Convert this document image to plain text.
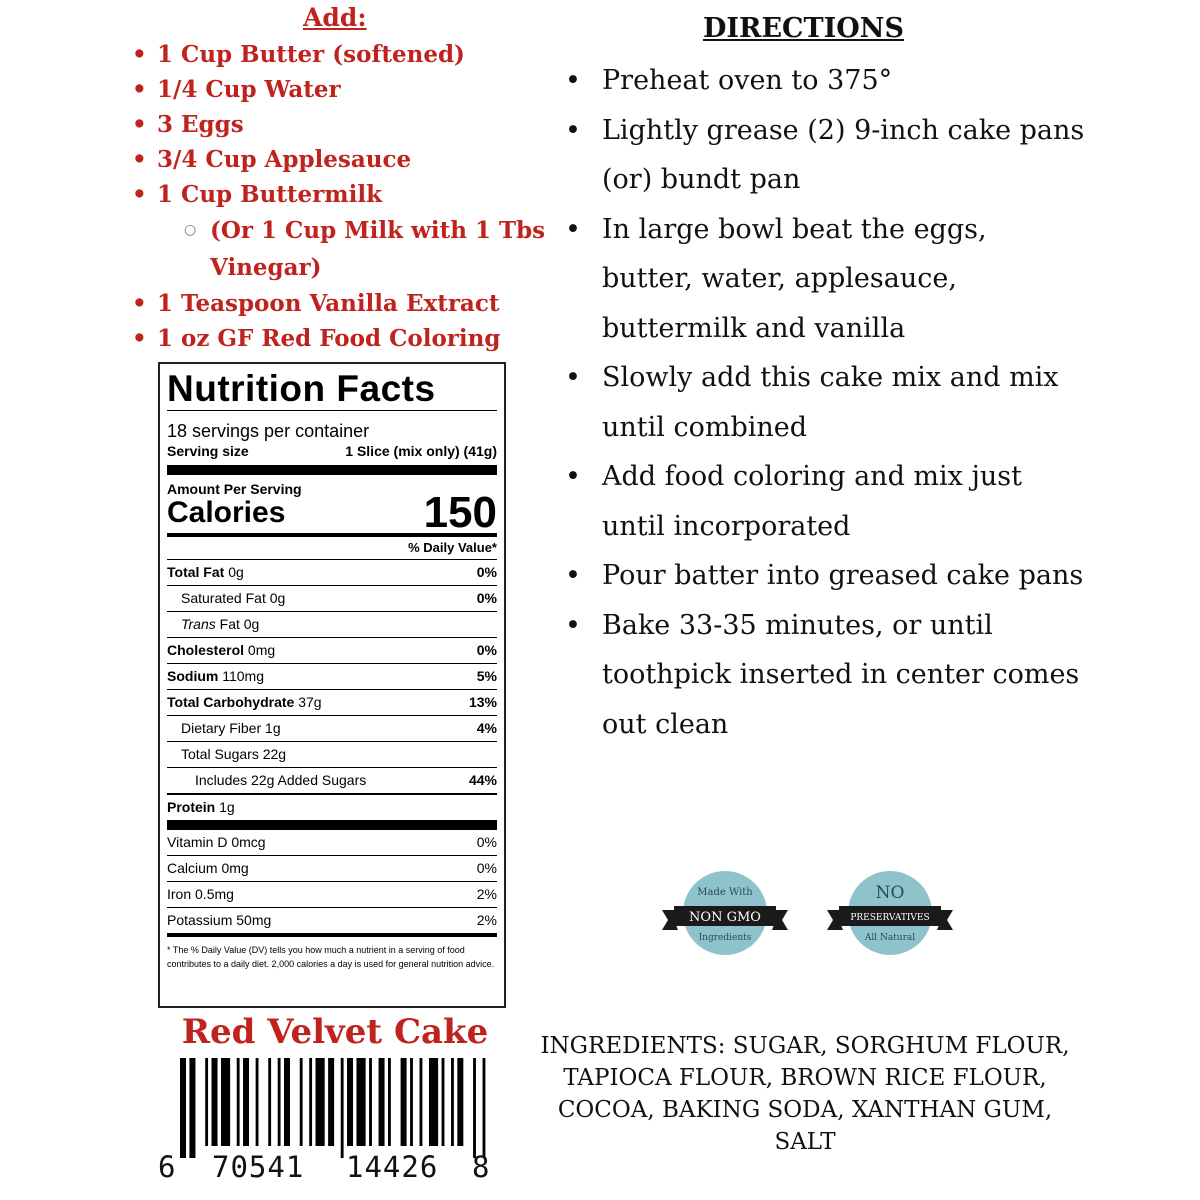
Add:
• 1 Cup Butter (softened)
• 1/4 Cup Water
• 3 Eggs
• 3/4 Cup Applesauce
• 1 Cup Buttermilk
○ (Or 1 Cup Milk with 1 Tbs Vinegar)
• 1 Teaspoon Vanilla Extract
• 1 oz GF Red Food Coloring
Nutrition Facts
18 servings per container
Serving size	1 Slice (mix only) (41g)
Amount Per Serving
Calories	150
% Daily Value*
Total Fat 0g	0%
Saturated Fat 0g	0%
Trans Fat 0g
Cholesterol 0mg	0%
Sodium 110mg	5%
Total Carbohydrate 37g	13%
Dietary Fiber 1g	4%
Total Sugars 22g
Includes 22g Added Sugars	44%
Protein 1g
Vitamin D 0mcg	0%
Calcium 0mg	0%
Iron 0.5mg	2%
Potassium 50mg	2%
* The % Daily Value (DV) tells you how much a nutrient in a serving of food contributes to a daily diet. 2,000 calories a day is used for general nutrition advice.
Red Velvet Cake
6 70541 14426 8
DIRECTIONS
• Preheat oven to 375°
• Lightly grease (2) 9-inch cake pans (or) bundt pan
• In large bowl beat the eggs, butter, water, applesauce, buttermilk and vanilla
• Slowly add this cake mix and mix until combined
• Add food coloring and mix just until incorporated
• Pour batter into greased cake pans
• Bake 33-35 minutes, or until toothpick inserted in center comes out clean
Made With
NON GMO
Ingredients
NO
PRESERVATIVES
All Natural
INGREDIENTS: SUGAR, SORGHUM FLOUR, TAPIOCA FLOUR, BROWN RICE FLOUR, COCOA, BAKING SODA, XANTHAN GUM, SALT
